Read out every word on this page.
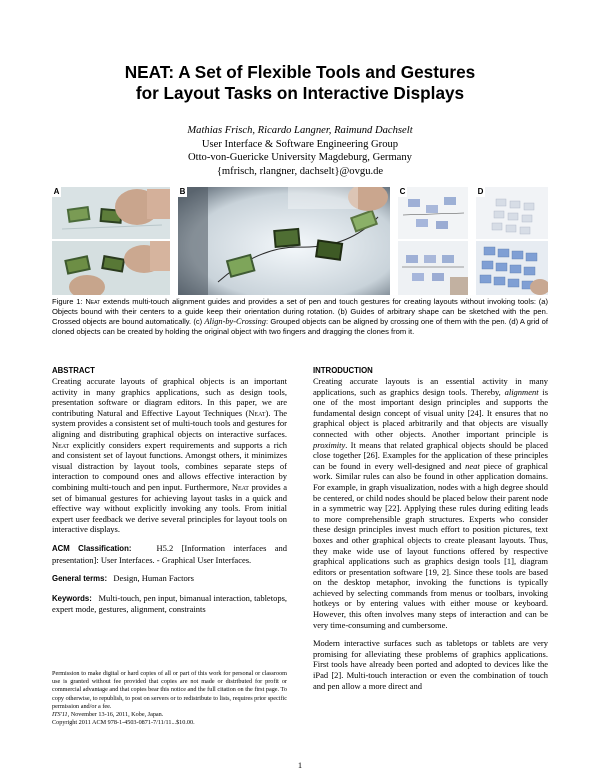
NEAT: A Set of Flexible Tools and Gestures
for Layout Tasks on Interactive Displays
Mathias Frisch, Ricardo Langner, Raimund Dachselt
User Interface & Software Engineering Group
Otto-von-Guericke University Magdeburg, Germany
{mfrisch, rlangner, dachselt}@ovgu.de
A	B	C	D
Figure 1: Neat extends multi-touch alignment guides and provides a set of pen and touch gestures for creating layouts without invoking tools: (a) Objects bound with their centers to a guide keep their orientation during rotation. (b) Guides of arbitrary shape can be sketched with the pen. Crossed objects are bound automatically. (c) Align-by-Crossing: Grouped objects can be aligned by crossing one of them with the pen. (d) A grid of cloned objects can be created by holding the original object with two fingers and dragging the clones from it.
ABSTRACT

Creating accurate layouts of graphical objects is an important activity in many graphics applications, such as design tools, presentation software or diagram editors. In this paper, we are contributing Natural and Effective Layout Techniques (Neat). The system provides a consistent set of multi-touch tools and gestures for aligning and distributing graphical objects on interactive surfaces. Neat explicitly considers expert requirements and supports a rich and consistent set of layout functions. Amongst others, it minimizes visual distraction by layout tools, combines separate steps of interaction to compound ones and allows effective interaction by combining multi-touch and pen input. Furthermore, Neat provides a set of bimanual gestures for achieving layout tasks in a quick and effective way without explicitly invoking any tools. From initial expert user feedback we derive several principles for layout tools on interactive displays.

ACM Classification:	H5.2 [Information interfaces and presentation]: User Interfaces. - Graphical User Interfaces.

General terms: Design, Human Factors

Keywords: Multi-touch, pen input, bimanual interaction, tabletops, expert mode, gestures, alignment, constraints

Permission to make digital or hard copies of all or part of this work for personal or classroom use is granted without fee provided that copies are not made or distributed for profit or commercial advantage and that copies bear this notice and the full citation on the first page. To copy otherwise, to republish, to post on servers or to redistribute to lists, requires prior specific permission and/or a fee.
ITS'11, November 13-16, 2011, Kobe, Japan.
Copyright 2011 ACM 978-1-4503-0871-7/11/11...$10.00.
INTRODUCTION

Creating accurate layouts is an essential activity in many applications, such as graphics design tools. Thereby, alignment is one of the most important design principles and supports the fundamental design concept of visual unity [24]. It ensures that no graphical object is placed arbitrarily and that objects are visually connected with other objects. Another important principle is proximity. It means that related graphical objects should be placed close together [26]. Examples for the application of these principles can be found in every well-designed and neat piece of graphical work. Similar rules can also be found in other application domains. For example, in graph visualization, nodes with a high degree should be centered, or child nodes should be placed below their parent node in a symmetric way [22]. Applying these rules during editing leads to more comprehensible graph structures. Experts who consider these design principles invest much effort to position pictures, text boxes and other graphical objects to create pleasant layouts. Thus, they make wide use of layout functions offered by respective graphical applications such as graphics design tools [1], diagram editors or presentation software [19, 2]. Since these tools are based on the desktop metaphor, invoking the functions is typically achieved by selecting commands from menus or toolbars, invoking hotkeys or by entering values with either mouse or keyboard. However, this often involves many steps of interaction and can be very time-consuming and cumbersome.

Modern interactive surfaces such as tabletops or tablets are very promising for alleviating these problems of graphics applications. First tools have already been ported and adopted to devices like the iPad [2]. Multi-touch interaction or even the combination of touch and pen allow a more direct and

1
